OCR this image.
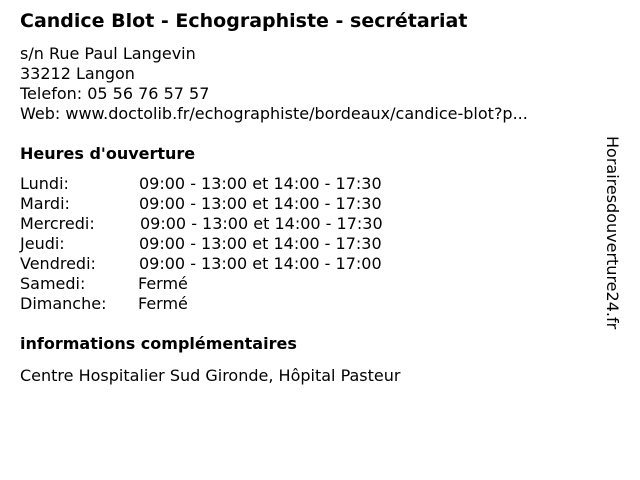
Candice Blot - Echographiste - secrétariat
s/n Rue Paul Langevin
33212 Langon
Telefon: 05 56 76 57 57
Web: www.doctolib.fr/echographiste/bordeaux/candice-blot?p...
Heures d'ouverture
Lundi:	09:00 - 13:00 et 14:00 - 17:30
Mardi:	09:00 - 13:00 et 14:00 - 17:30
Mercredi:	09:00 - 13:00 et 14:00 - 17:30
Jeudi:	09:00 - 13:00 et 14:00 - 17:30
Vendredi:	09:00 - 13:00 et 14:00 - 17:00
Samedi:	Fermé
Dimanche: Fermé
informations complémentaires
Centre Hospitalier Sud Gironde, Hôpital Pasteur
Horairesdouverture24.fr
